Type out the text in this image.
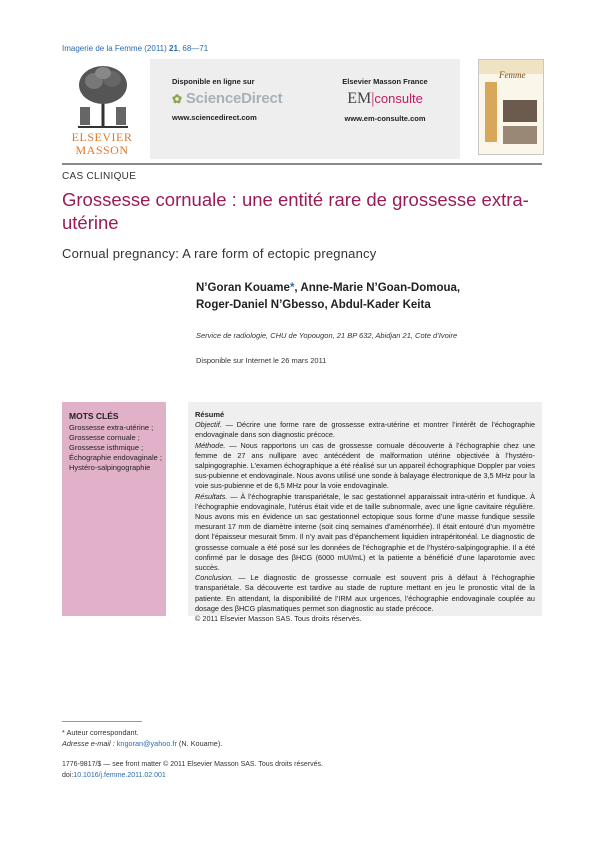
Imagerie de la Femme (2011) 21, 68—71
ELSEVIER
MASSON
Disponible en ligne sur
✿ ScienceDirect
www.sciencedirect.com
Elsevier Masson France
EM|consulte
www.em-consulte.com
Femme
CAS CLINIQUE
Grossesse cornuale : une entité rare de grossesse extra-utérine
Cornual pregnancy: A rare form of ectopic pregnancy
N’Goran Kouame*, Anne-Marie N’Goan-Domoua,
Roger-Daniel N’Gbesso, Abdul-Kader Keita
Service de radiologie, CHU de Yopougon, 21 BP 632, Abidjan 21, Cote d’Ivoire
Disponible sur Internet le 26 mars 2011
MOTS CLÉS
Grossesse extra-utérine ;
Grossesse cornuale ;
Grossesse isthmique ;
Échographie endovaginale ;
Hystéro-salpingographie

Résumé

Objectif. — Décrire une forme rare de grossesse extra-utérine et montrer l’intérêt de l’échographie endovaginale dans son diagnostic précoce.

Méthode. — Nous rapportons un cas de grossesse cornuale découverte à l’échographie chez une femme de 27 ans nullipare avec antécédent de malformation utérine objectivée à l’hystéro-salpingographie. L’examen échographique a été réalisé sur un appareil échographique Doppler par voies sus-pubienne et endovaginale. Nous avons utilisé une sonde à balayage électronique de 3,5 MHz pour la voie sus-pubienne et de 6,5 MHz pour la voie endovaginale.

Résultats. — À l’échographie transpariétale, le sac gestationnel apparaissait intra-utérin et fundique. À l’échographie endovaginale, l’utérus était vide et de taille subnormale, avec une ligne cavitaire régulière. Nous avons mis en évidence un sac gestationnel ectopique sous forme d’une masse fundique sessile mesurant 17 mm de diamètre interne (soit cinq semaines d’aménorrhée). Il était entouré d’un myomètre dont l’épaisseur mesurait 5mm. Il n’y avait pas d’épanchement liquidien intrapéritonéal. Le diagnostic de grossesse cornuale a été posé sur les données de l’échographie et de l’hystéro-salpingographie. Il a été confirmé par le dosage des βHCG (6000 mUI/mL) et la patiente a bénéficié d’une laparotomie avec succès.

Conclusion. — Le diagnostic de grossesse cornuale est souvent pris à défaut à l’échographie transpariétale. Sa découverte est tardive au stade de rupture mettant en jeu le pronostic vital de la patiente. En attendant, la disponibilité de l’IRM aux urgences, l’échographie endovaginale couplée au dosage des βHCG plasmatiques permet son diagnostic au stade précoce.

© 2011 Elsevier Masson SAS. Tous droits réservés.

* Auteur correspondant.
Adresse e-mail : kngoran@yahoo.fr (N. Kouame).
1776-9817/$ — see front matter © 2011 Elsevier Masson SAS. Tous droits réservés.
doi:10.1016/j.femme.2011.02.001
